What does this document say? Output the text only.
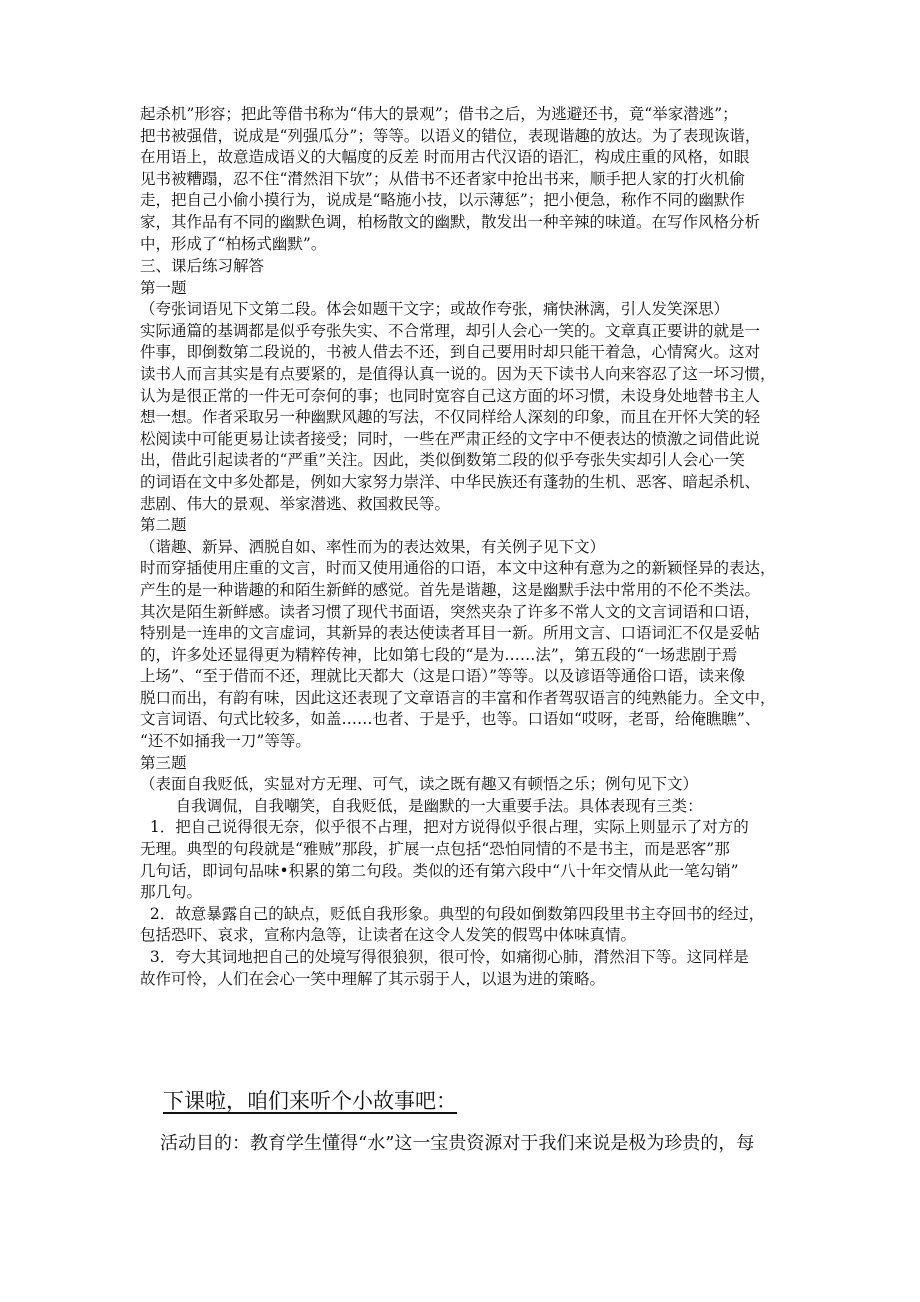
起杀机”形容；把此等借书称为“伟大的景观”；借书之后，为逃避还书，竟“举家潜逃”；
把书被强借，说成是“列强瓜分”；等等。以语义的错位，表现谐趣的放达。为了表现诙谐，
在用语上，故意造成语义的大幅度的反差 时而用古代汉语的语汇，构成庄重的风格，如眼
见书被糟蹋，忍不住“潸然泪下欤”；从借书不还者家中抢出书来，顺手把人家的打火机偷
走，把自己小偷小摸行为，说成是“略施小技，以示薄惩”；把小便急，称作不同的幽默作
家，其作品有不同的幽默色调，柏杨散文的幽默，散发出一种辛辣的味道。在写作风格分析
中，形成了“柏杨式幽默”。
三、课后练习解答
第一题
（夸张词语见下文第二段。体会如题干文字；或故作夸张，痛快淋漓，引人发笑深思）
实际通篇的基调都是似乎夸张失实、不合常理，却引人会心一笑的。文章真正要讲的就是一
件事，即倒数第二段说的，书被人借去不还，到自己要用时却只能干着急，心情窝火。这对
读书人而言其实是有点要紧的，是值得认真一说的。因为天下读书人向来容忍了这一坏习惯，
认为是很正常的一件无可奈何的事；也同时宽容自己这方面的坏习惯，未设身处地替书主人
想一想。作者采取另一种幽默风趣的写法，不仅同样给人深刻的印象，而且在开怀大笑的轻
松阅读中可能更易让读者接受；同时，一些在严肃正经的文字中不便表达的愤激之词借此说
出，借此引起读者的“严重”关注。因此，类似倒数第二段的似乎夸张失实却引人会心一笑
的词语在文中多处都是，例如大家努力崇洋、中华民族还有蓬勃的生机、恶客、暗起杀机、
悲剧、伟大的景观、举家潜逃、救国救民等。
第二题
（谐趣、新异、洒脱自如、率性而为的表达效果，有关例子见下文）
时而穿插使用庄重的文言，时而又使用通俗的口语，本文中这种有意为之的新颖怪异的表达，
产生的是一种谐趣的和陌生新鲜的感觉。首先是谐趣，这是幽默手法中常用的不伦不类法。
其次是陌生新鲜感。读者习惯了现代书面语，突然夹杂了许多不常人文的文言词语和口语，
特别是一连串的文言虚词，其新异的表达使读者耳目一新。所用文言、口语词汇不仅是妥帖
的，许多处还显得更为精粹传神，比如第七段的“是为……法”，第五段的“一场悲剧于焉
上场”、“至于借而不还，理就比天都大（这是口语）”等等。以及谚语等通俗口语，读来像
脱口而出，有韵有味，因此这还表现了文章语言的丰富和作者驾驭语言的纯熟能力。全文中，
文言词语、句式比较多，如盖……也者、于是乎，也等。口语如“哎呀，老哥，给俺瞧瞧”、
“还不如捅我一刀”等等。
第三题
（表面自我贬低，实显对方无理、可气，读之既有趣又有顿悟之乐；例句见下文）
自我调侃，自我嘲笑，自我贬低，是幽默的一大重要手法。具体表现有三类：
1．把自己说得很无奈，似乎很不占理，把对方说得似乎很占理，实际上则显示了对方的
无理。典型的句段就是“雅贼”那段，扩展一点包括“恐怕同情的不是书主，而是恶客”那
几句话，即词句品味•积累的第二句段。类似的还有第六段中“八十年交情从此一笔勾销”
那几句。
2．故意暴露自己的缺点，贬低自我形象。典型的句段如倒数第四段里书主夺回书的经过，
包括恐吓、哀求，宣称内急等，让读者在这令人发笑的假骂中体味真情。
3．夸大其词地把自己的处境写得很狼狈，很可怜，如痛彻心肺，潸然泪下等。这同样是
故作可怜，人们在会心一笑中理解了其示弱于人，以退为进的策略。
下课啦，咱们来听个小故事吧：
活动目的：教育学生懂得“水”这一宝贵资源对于我们来说是极为珍贵的，每
